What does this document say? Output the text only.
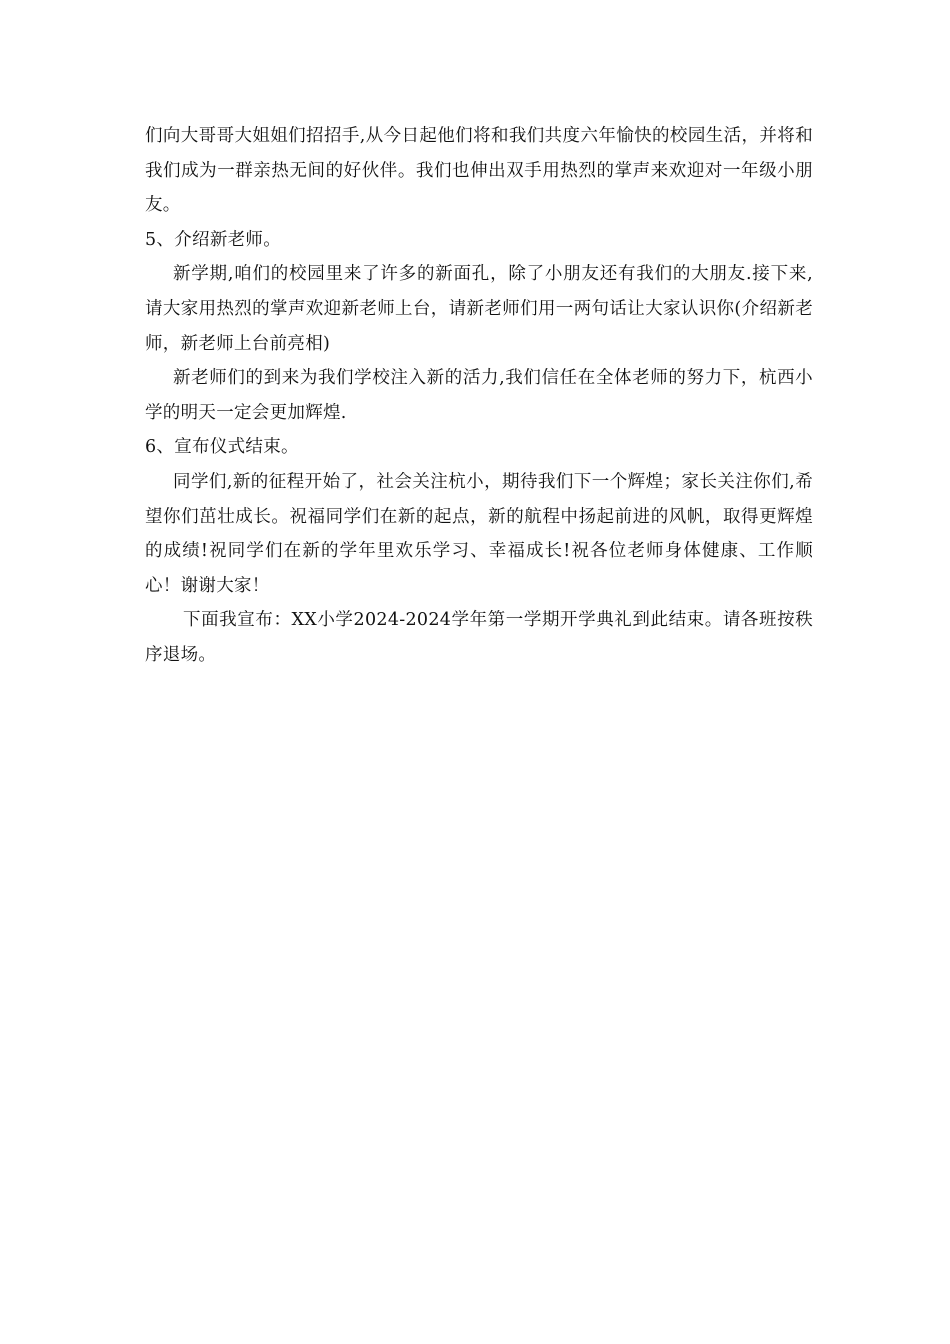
们向大哥哥大姐姐们招招手,从今日起他们将和我们共度六年愉快的校园生活，并将和我们成为一群亲热无间的好伙伴。我们也伸出双手用热烈的掌声来欢迎对一年级小朋友。

5、介绍新老师。

新学期,咱们的校园里来了许多的新面孔，除了小朋友还有我们的大朋友.接下来,请大家用热烈的掌声欢迎新老师上台，请新老师们用一两句话让大家认识你(介绍新老师，新老师上台前亮相)

新老师们的到来为我们学校注入新的活力,我们信任在全体老师的努力下，杭西小学的明天一定会更加辉煌.

6、宣布仪式结束。

同学们,新的征程开始了，社会关注杭小，期待我们下一个辉煌；家长关注你们,希望你们茁壮成长。祝福同学们在新的起点，新的航程中扬起前进的风帆，取得更辉煌的成绩!祝同学们在新的学年里欢乐学习、幸福成长!祝各位老师身体健康、工作顺心！谢谢大家！

下面我宣布：XX小学2024-2024学年第一学期开学典礼到此结束。请各班按秩序退场。
